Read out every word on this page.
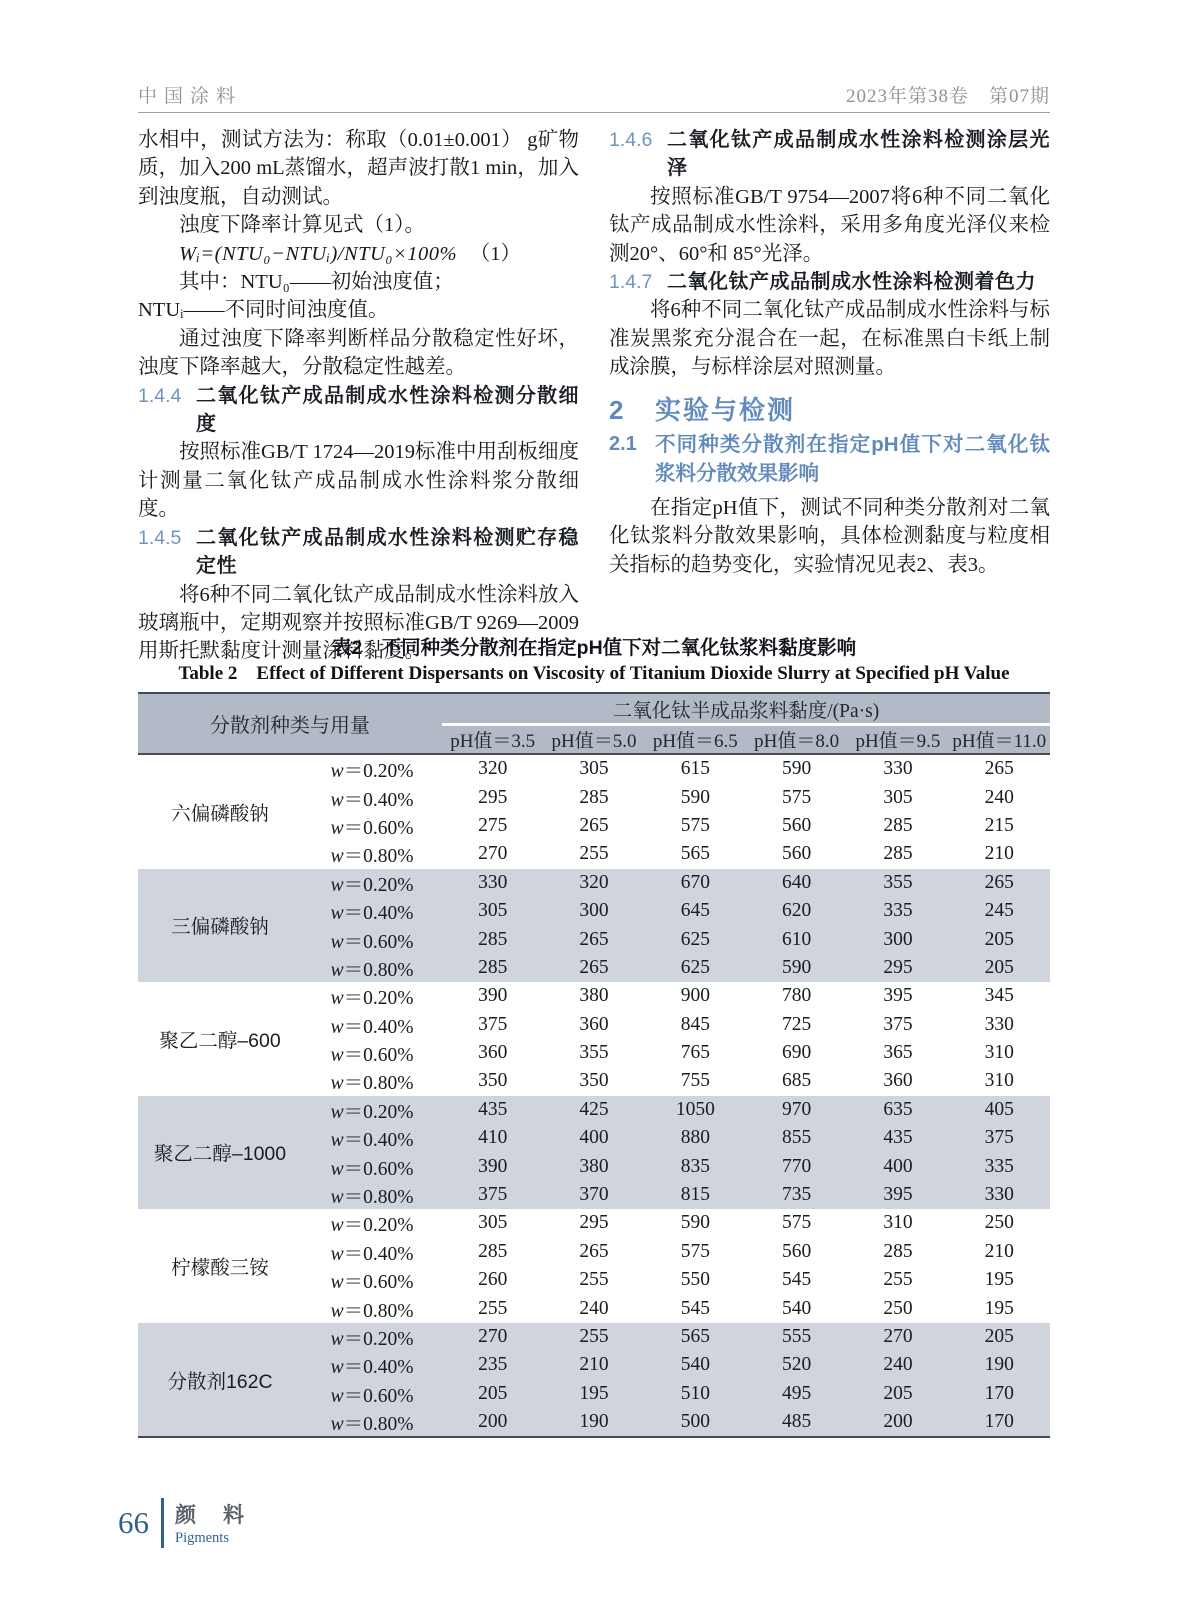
中国涂料	2023年第38卷　第07期

水相中，测试方法为：称取（0.01±0.001） g矿物质，加入200 mL蒸馏水，超声波打散1 min，加入到浊度瓶，自动测试。

浊度下降率计算见式（1）。

Wᵢ=(NTU₀−NTUᵢ)/NTU₀×100% （1）

其中：NTU₀——初始浊度值；

NTUᵢ——不同时间浊度值。

通过浊度下降率判断样品分散稳定性好坏，浊度下降率越大，分散稳定性越差。

1.4.4 二氧化钛产成品制成水性涂料检测分散细度

按照标准GB/T 1724—2019标准中用刮板细度计测量二氧化钛产成品制成水性涂料浆分散细度。

1.4.5 二氧化钛产成品制成水性涂料检测贮存稳定性

将6种不同二氧化钛产成品制成水性涂料放入玻璃瓶中，定期观察并按照标准GB/T 9269—2009用斯托默黏度计测量涂料黏度。

1.4.6 二氧化钛产成品制成水性涂料检测涂层光泽

按照标准GB/T 9754—2007将6种不同二氧化钛产成品制成水性涂料，采用多角度光泽仪来检测20°、60°和 85°光泽。

1.4.7 二氧化钛产成品制成水性涂料检测着色力

将6种不同二氧化钛产成品制成水性涂料与标准炭黑浆充分混合在一起，在标准黑白卡纸上制成涂膜，与标样涂层对照测量。

2	实验与检测
2.1 不同种类分散剂在指定pH值下对二氧化钛浆料分散效果影响

在指定pH值下，测试不同种类分散剂对二氧化钛浆料分散效果影响，具体检测黏度与粒度相关指标的趋势变化，实验情况见表2、表3。

表2　不同种类分散剂在指定pH值下对二氧化钛浆料黏度影响
Table 2　Effect of Different Dispersants on Viscosity of Titanium Dioxide Slurry at Specified pH Value
分散剂种类与用量		二氧化钛半成品浆料黏度/(Pa·s)					
		pH值＝3.5	pH值＝5.0	pH值＝6.5	pH值＝8.0	pH值＝9.5	pH值＝11.0
六偏磷酸钠	w＝0.20%	320	305	615	590	330	265
	w＝0.40%	295	285	590	575	305	240
	w＝0.60%	275	265	575	560	285	215
	w＝0.80%	270	255	565	560	285	210
三偏磷酸钠	w＝0.20%	330	320	670	640	355	265
	w＝0.40%	305	300	645	620	335	245
	w＝0.60%	285	265	625	610	300	205
	w＝0.80%	285	265	625	590	295	205
聚乙二醇–600	w＝0.20%	390	380	900	780	395	345
	w＝0.40%	375	360	845	725	375	330
	w＝0.60%	360	355	765	690	365	310
	w＝0.80%	350	350	755	685	360	310
聚乙二醇–1000	w＝0.20%	435	425	1050	970	635	405
	w＝0.40%	410	400	880	855	435	375
	w＝0.60%	390	380	835	770	400	335
	w＝0.80%	375	370	815	735	395	330
柠檬酸三铵	w＝0.20%	305	295	590	575	310	250
	w＝0.40%	285	265	575	560	285	210
	w＝0.60%	260	255	550	545	255	195
	w＝0.80%	255	240	545	540	250	195
分散剂162C	w＝0.20%	270	255	565	555	270	205
	w＝0.40%	235	210	540	520	240	190
	w＝0.60%	205	195	510	495	205	170
	w＝0.80%	200	190	500	485	200	170
66 颜　料
Pigments
